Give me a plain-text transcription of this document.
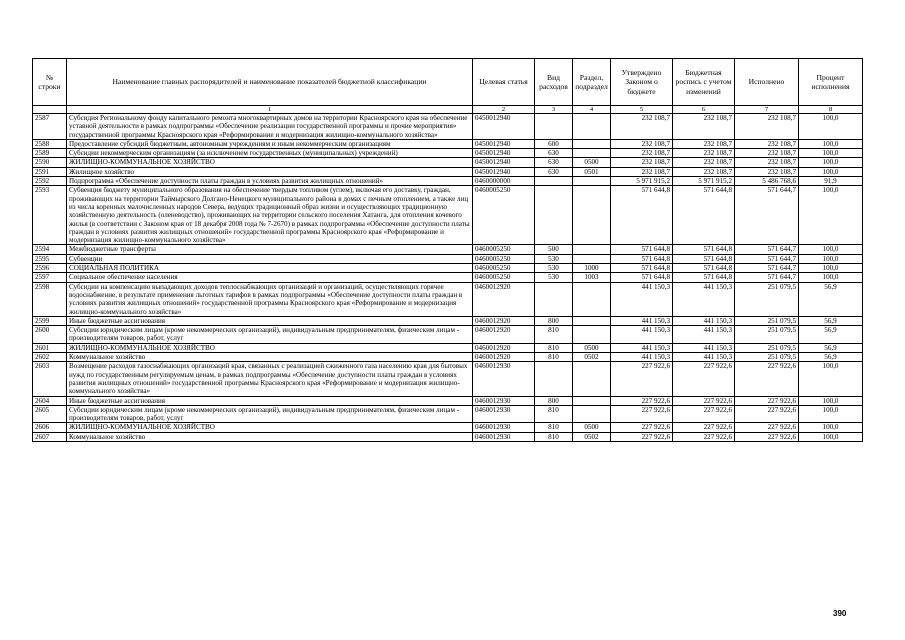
№ строки	Наименование главных распорядителей и наименование показателей бюджетной классификации	Целевая статья	Вид расходов	Раздел, подраздел	Утверждено Законом о бюджете	Бюджетная роспись с учетом изменений	Исполнено	Процент исполнения
	1	2	3	4	5	6	7	8
2587	Субсидия Региональному фонду капитального ремонта многоквартирных домов на территории Красноярского края на обеспечение уставной деятельности в рамках подпрограммы «Обеспечение реализации государственной программы и прочие мероприятия» государственной программы Красноярского края «Реформирование и модернизация жилищно-коммунального хозяйства»	0450012940			232 108,7	232 108,7	232 108,7	100,0
2588	Предоставление субсидий бюджетным, автономным учреждениям и иным некоммерческим организациям	0450012940	600		232 108,7	232 108,7	232 108,7	100,0
2589	Субсидии некоммерческим организациям (за исключением государственных (муниципальных) учреждений)	0450012940	630		232 108,7	232 108,7	232 108,7	100,0
2590	ЖИЛИЩНО-КОММУНАЛЬНОЕ ХОЗЯЙСТВО	0450012940	630	0500	232 108,7	232 108,7	232 108,7	100,0
2591	Жилищное хозяйство	0450012940	630	0501	232 108,7	232 108,7	232 108,7	100,0
2592	Подпрограмма «Обеспечение доступности платы граждан в условиях развития жилищных отношений»	0460000000			5 971 915,2	5 971 915,2	5 486 768,6	91,9
2593	Субвенция бюджету муниципального образования на обеспечение твердым топливом (углем), включая его доставку, граждан, проживающих на территории Таймырского Долгано-Ненецкого муниципального района в домах с печным отоплением, а также лиц из числа коренных малочисленных народов Севера, ведущих традиционный образ жизни и осуществляющих традиционную хозяйственную деятельность (оленеводство), проживающих на территории сельского поселения Хатанга, для отопления кочевого жилья (в соответствии с Законом края от 18 декабря 2008 года № 7-2670) в рамках подпрограммы «Обеспечение доступности платы граждан в условиях развития жилищных отношений» государственной программы Красноярского края «Реформирование и модернизация жилищно-коммунального хозяйства»	0460005250			571 644,8	571 644,8	571 644,7	100,0
2594	Межбюджетные трансферты	0460005250	500		571 644,8	571 644,8	571 644,7	100,0
2595	Субвенции	0460005250	530		571 644,8	571 644,8	571 644,7	100,0
2596	СОЦИАЛЬНАЯ ПОЛИТИКА	0460005250	530	1000	571 644,8	571 644,8	571 644,7	100,0
2597	Социальное обеспечение населения	0460005250	530	1003	571 644,8	571 644,8	571 644,7	100,0
2598	Субсидии на компенсацию выпадающих доходов теплоснабжающих организаций и организаций, осуществляющих горячее водоснабжение, в результате применения льготных тарифов в рамках подпрограммы «Обеспечение доступности платы граждан в условиях развития жилищных отношений» государственной программы Красноярского края «Реформирование и модернизация жилищно-коммунального хозяйства»	0460012920			441 150,3	441 150,3	251 079,5	56,9
2599	Иные бюджетные ассигнования	0460012920	800		441 150,3	441 150,3	251 079,5	56,9
2600	Субсидии юридическим лицам (кроме некоммерческих организаций), индивидуальным предпринимателям, физическим лицам - производителям товаров, работ, услуг	0460012920	810		441 150,3	441 150,3	251 079,5	56,9
2601	ЖИЛИЩНО-КОММУНАЛЬНОЕ ХОЗЯЙСТВО	0460012920	810	0500	441 150,3	441 150,3	251 079,5	56,9
2602	Коммунальное хозяйство	0460012920	810	0502	441 150,3	441 150,3	251 079,5	56,9
2603	Возмещение расходов газоснабжающих организаций края, связанных с реализацией сжиженного газа населению края для бытовых нужд по государственным регулируемым ценам, в рамках подпрограммы «Обеспечение доступности платы граждан в условиях развития жилищных отношений» государственной программы Красноярского края «Реформирование и модернизация жилищно-коммунального хозяйства»	0460012930			227 922,6	227 922,6	227 922,6	100,0
2604	Иные бюджетные ассигнования	0460012930	800		227 922,6	227 922,6	227 922,6	100,0
2605	Субсидии юридическим лицам (кроме некоммерческих организаций), индивидуальным предпринимателям, физическим лицам - производителям товаров, работ, услуг	0460012930	810		227 922,6	227 922,6	227 922,6	100,0
2606	ЖИЛИЩНО-КОММУНАЛЬНОЕ ХОЗЯЙСТВО	0460012930	810	0500	227 922,6	227 922,6	227 922,6	100,0
2607	Коммунальное хозяйство	0460012930	810	0502	227 922,6	227 922,6	227 922,6	100,0
390
